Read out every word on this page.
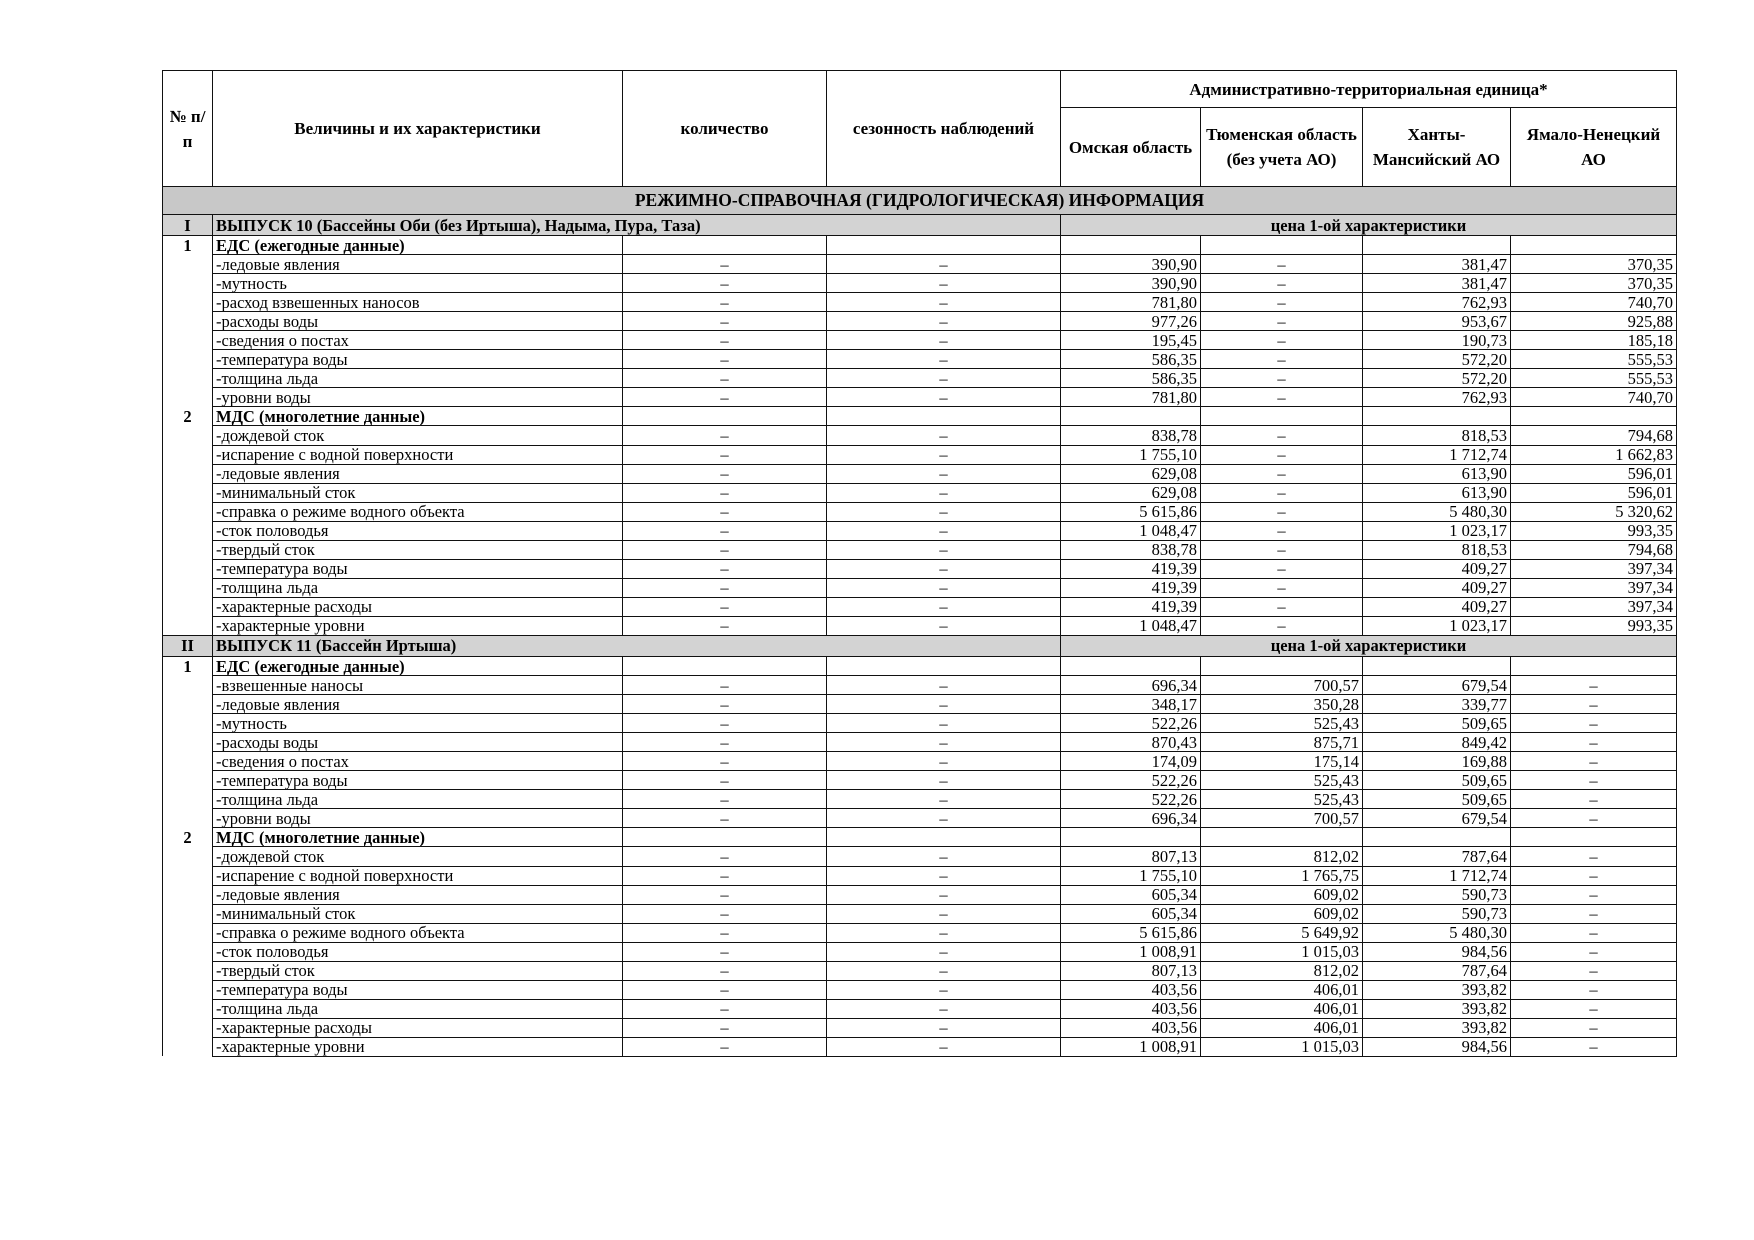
№ п/п	Величины и их характеристики	количество	сезонность наблюдений	Административно-территориальная единица*			
				Омская область	Тюменская область (без учета АО)	Ханты-Мансийский АО	Ямало-Ненецкий АО
РЕЖИМНО-СПРАВОЧНАЯ (ГИДРОЛОГИЧЕСКАЯ) ИНФОРМАЦИЯ							
I	ВЫПУСК 10 (Бассейны Оби (без Иртыша), Надыма, Пура, Таза)			цена 1-ой характеристики			
1	ЕДС (ежегодные данные)						
	-ледовые явления	–	–	390,90	–	381,47	370,35
	-мутность	–	–	390,90	–	381,47	370,35
	-расход взвешенных наносов	–	–	781,80	–	762,93	740,70
	-расходы воды	–	–	977,26	–	953,67	925,88
	-сведения о постах	–	–	195,45	–	190,73	185,18
	-температура воды	–	–	586,35	–	572,20	555,53
	-толщина льда	–	–	586,35	–	572,20	555,53
	-уровни воды	–	–	781,80	–	762,93	740,70
2	МДС (многолетние данные)						
	-дождевой сток	–	–	838,78	–	818,53	794,68
	-испарение с водной поверхности	–	–	1 755,10	–	1 712,74	1 662,83
	-ледовые явления	–	–	629,08	–	613,90	596,01
	-минимальный сток	–	–	629,08	–	613,90	596,01
	-справка о режиме водного объекта	–	–	5 615,86	–	5 480,30	5 320,62
	-сток половодья	–	–	1 048,47	–	1 023,17	993,35
	-твердый сток	–	–	838,78	–	818,53	794,68
	-температура воды	–	–	419,39	–	409,27	397,34
	-толщина льда	–	–	419,39	–	409,27	397,34
	-характерные расходы	–	–	419,39	–	409,27	397,34
	-характерные уровни	–	–	1 048,47	–	1 023,17	993,35
II	ВЫПУСК 11 (Бассейн Иртыша)			цена 1-ой характеристики			
1	ЕДС (ежегодные данные)						
	-взвешенные наносы	–	–	696,34	700,57	679,54	–
	-ледовые явления	–	–	348,17	350,28	339,77	–
	-мутность	–	–	522,26	525,43	509,65	–
	-расходы воды	–	–	870,43	875,71	849,42	–
	-сведения о постах	–	–	174,09	175,14	169,88	–
	-температура воды	–	–	522,26	525,43	509,65	–
	-толщина льда	–	–	522,26	525,43	509,65	–
	-уровни воды	–	–	696,34	700,57	679,54	–
2	МДС (многолетние данные)						
	-дождевой сток	–	–	807,13	812,02	787,64	–
	-испарение с водной поверхности	–	–	1 755,10	1 765,75	1 712,74	–
	-ледовые явления	–	–	605,34	609,02	590,73	–
	-минимальный сток	–	–	605,34	609,02	590,73	–
	-справка о режиме водного объекта	–	–	5 615,86	5 649,92	5 480,30	–
	-сток половодья	–	–	1 008,91	1 015,03	984,56	–
	-твердый сток	–	–	807,13	812,02	787,64	–
	-температура воды	–	–	403,56	406,01	393,82	–
	-толщина льда	–	–	403,56	406,01	393,82	–
	-характерные расходы	–	–	403,56	406,01	393,82	–
	-характерные уровни	–	–	1 008,91	1 015,03	984,56	–
